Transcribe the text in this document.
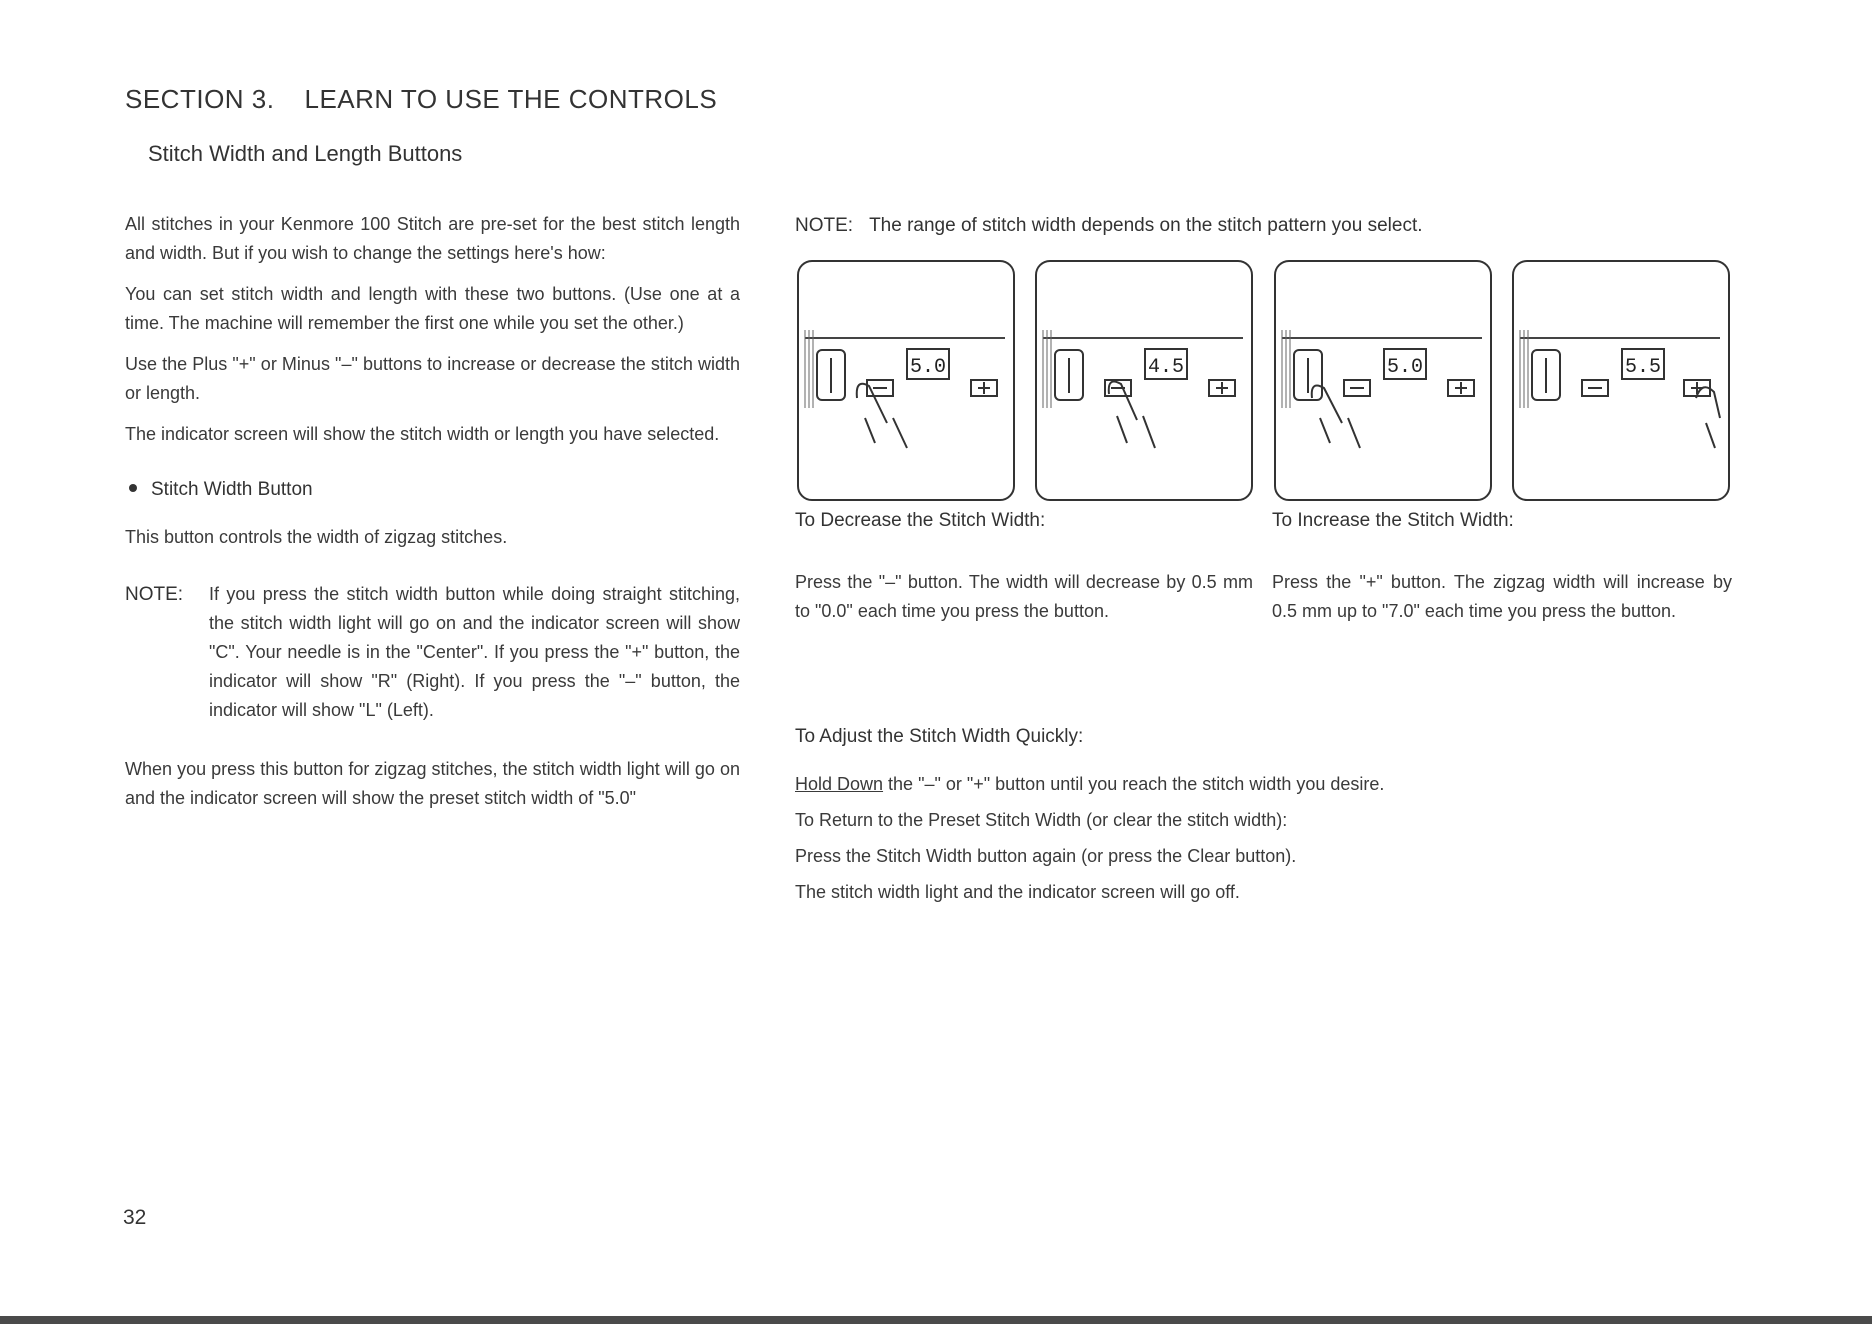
SECTION 3. LEARN TO USE THE CONTROLS
Stitch Width and Length Buttons

All stitches in your Kenmore 100 Stitch are pre-set for the best stitch length and width. But if you wish to change the settings here's how:

You can set stitch width and length with these two buttons. (Use one at a time. The machine will remember the first one while you set the other.)

Use the Plus "+" or Minus "–" buttons to increase or decrease the stitch width or length.

The indicator screen will show the stitch width or length you have selected.

Stitch Width Button

This button controls the width of zigzag stitches.

NOTE:	If you press the stitch width button while doing straight stitching, the stitch width light will go on and the indicator screen will show "C". Your needle is in the "Center". If you press the "+" button, the indicator will show "R" (Right). If you press the "–" button, the indicator will show "L" (Left).

When you press this button for zigzag stitches, the stitch width light will go on and the indicator screen will show the preset stitch width of "5.0"

NOTE: The range of stitch width depends on the stitch pattern you select.
5.0	4.5	5.0	5.5
To Decrease the Stitch Width:	To Increase the Stitch Width:

Press the "–" button. The width will decrease by 0.5 mm to "0.0" each time you press the button.

Press the "+" button. The zigzag width will increase by 0.5 mm up to "7.0" each time you press the button.

To Adjust the Stitch Width Quickly:

Hold Down the "–" or "+" button until you reach the stitch width you desire.

To Return to the Preset Stitch Width (or clear the stitch width):

Press the Stitch Width button again (or press the Clear button).

The stitch width light and the indicator screen will go off.

32
